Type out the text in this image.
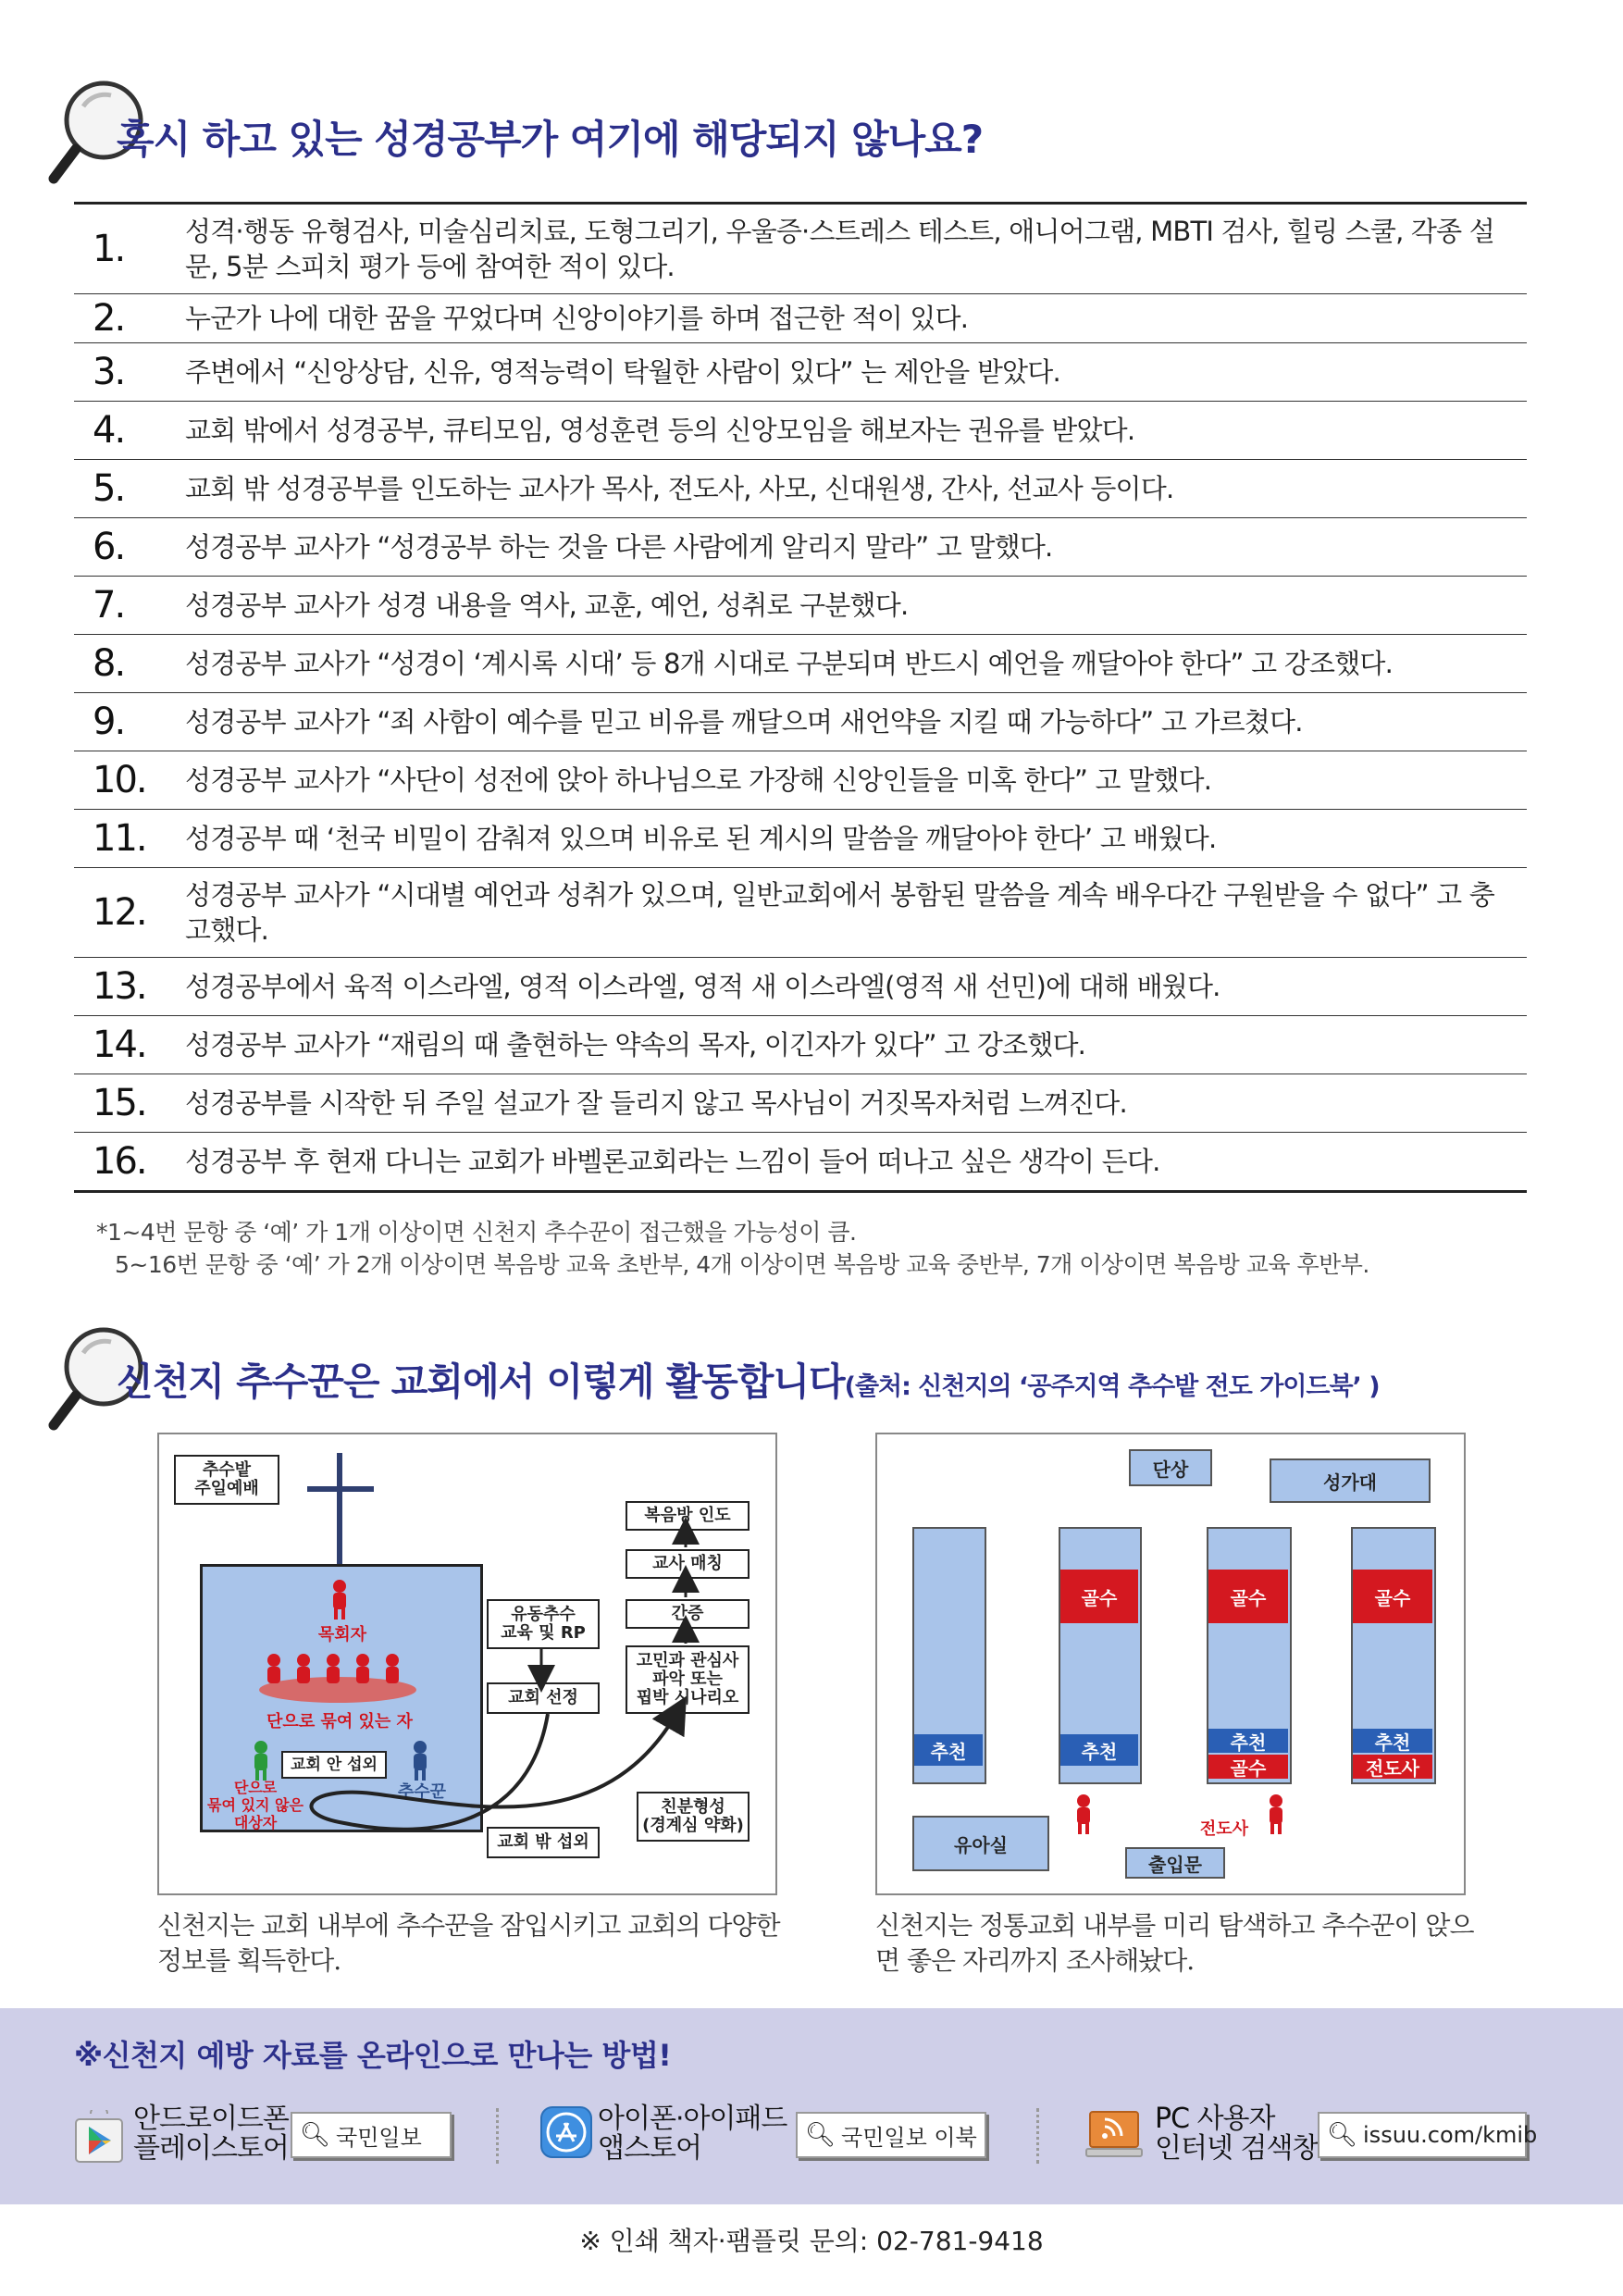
혹시 하고 있는 성경공부가 여기에 해당되지 않나요?
1.	성격·행동 유형검사, 미술심리치료, 도형그리기, 우울증·스트레스 테스트, 애니어그램, MBTI 검사, 힐링 스쿨, 각종 설문, 5분 스피치 평가 등에 참여한 적이 있다.
2.	누군가 나에 대한 꿈을 꾸었다며 신앙이야기를 하며 접근한 적이 있다.
3.	주변에서 “신앙상담, 신유, 영적능력이 탁월한 사람이 있다” 는 제안을 받았다.
4.	교회 밖에서 성경공부, 큐티모임, 영성훈련 등의 신앙모임을 해보자는 권유를 받았다.
5.	교회 밖 성경공부를 인도하는 교사가 목사, 전도사, 사모, 신대원생, 간사, 선교사 등이다.
6.	성경공부 교사가 “성경공부 하는 것을 다른 사람에게 알리지 말라” 고 말했다.
7.	성경공부 교사가 성경 내용을 역사, 교훈, 예언, 성취로 구분했다.
8.	성경공부 교사가 “성경이 ‘계시록 시대’ 등 8개 시대로 구분되며 반드시 예언을 깨달아야 한다” 고 강조했다.
9.	성경공부 교사가 “죄 사함이 예수를 믿고 비유를 깨달으며 새언약을 지킬 때 가능하다” 고 가르쳤다.
10.	성경공부 교사가 “사단이 성전에 앉아 하나님으로 가장해 신앙인들을 미혹 한다” 고 말했다.
11.	성경공부 때 ‘천국 비밀이 감춰져 있으며 비유로 된 계시의 말씀을 깨달아야 한다’ 고 배웠다.
12.	성경공부 교사가 “시대별 예언과 성취가 있으며, 일반교회에서 봉함된 말씀을 계속 배우다간 구원받을 수 없다” 고 충고했다.
13.	성경공부에서 육적 이스라엘, 영적 이스라엘, 영적 새 이스라엘(영적 새 선민)에 대해 배웠다.
14.	성경공부 교사가 “재림의 때 출현하는 약속의 목자, 이긴자가 있다” 고 강조했다.
15.	성경공부를 시작한 뒤 주일 설교가 잘 들리지 않고 목사님이 거짓목자처럼 느껴진다.
16.	성경공부 후 현재 다니는 교회가 바벨론교회라는 느낌이 들어 떠나고 싶은 생각이 든다.
*1~4번 문항 중 ‘예’ 가 1개 이상이면 신천지 추수꾼이 접근했을 가능성이 큼.
5~16번 문항 중 ‘예’ 가 2개 이상이면 복음방 교육 초반부, 4개 이상이면 복음방 교육 중반부, 7개 이상이면 복음방 교육 후반부.
신천지 추수꾼은 교회에서 이렇게 활동합니다(출처: 신천지의 ‘공주지역 추수밭 전도 가이드북’ )
추수밭
주일예배
목회자
단으로 묶여 있는 자
교회 안 섭외
단으로
묶여 있지 않은
대상자
추수꾼
유동추수
교육 및 RP
교회 선정
교회 밖 섭외
친분형성
(경계심 약화)
고민과 관심사
파악 또는
핍박 시나리오
간증
교사 매칭
복음방 인도
단상
성가대
추천
골수
추천
골수
추천
골수
골수
추천
전도사
전도사
유아실
출입문
신천지는 교회 내부에 추수꾼을 잠입시키고 교회의 다양한 정보를 획득한다.
신천지는 정통교회 내부를 미리 탐색하고 추수꾼이 앉으면 좋은 자리까지 조사해놨다.
※신천지 예방 자료를 온라인으로 만나는 방법!
안드로이드폰
플레이스토어 🔍︎ 국민일보
아이폰·아이패드
앱스토어	🔍︎ 국민일보 이북
PC 사용자
인터넷 검색창 🔍︎ issuu.com/kmib
※ 인쇄 책자·팸플릿 문의: 02-781-9418
